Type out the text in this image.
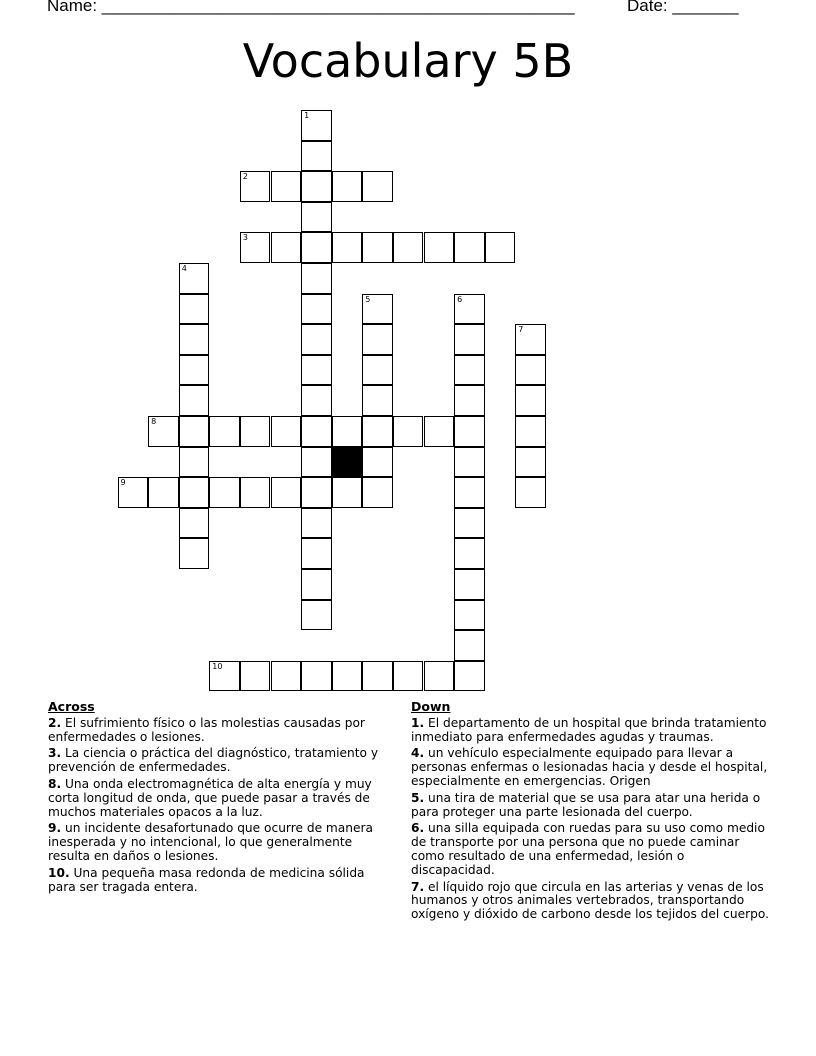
Name: __________________________________________________	Date: _______
Vocabulary 5B
1
2
3
4
5	6
7
8
9
10
Across
2. El sufrimiento físico o las molestias causadas por enfermedades o lesiones.
3. La ciencia o práctica del diagnóstico, tratamiento y prevención de enfermedades.
8. Una onda electromagnética de alta energía y muy corta longitud de onda, que puede pasar a través de muchos materiales opacos a la luz.
9. un incidente desafortunado que ocurre de manera inesperada y no intencional, lo que generalmente resulta en daños o lesiones.
10. Una pequeña masa redonda de medicina sólida para ser tragada entera.
Down
1. El departamento de un hospital que brinda tratamiento inmediato para enfermedades agudas y traumas.
4. un vehículo especialmente equipado para llevar a personas enfermas o lesionadas hacia y desde el hospital, especialmente en emergencias. Origen
5. una tira de material que se usa para atar una herida o para proteger una parte lesionada del cuerpo.
6. una silla equipada con ruedas para su uso como medio de transporte por una persona que no puede caminar como resultado de una enfermedad, lesión o discapacidad.
7. el líquido rojo que circula en las arterias y venas de los humanos y otros animales vertebrados, transportando oxígeno y dióxido de carbono desde los tejidos del cuerpo.
